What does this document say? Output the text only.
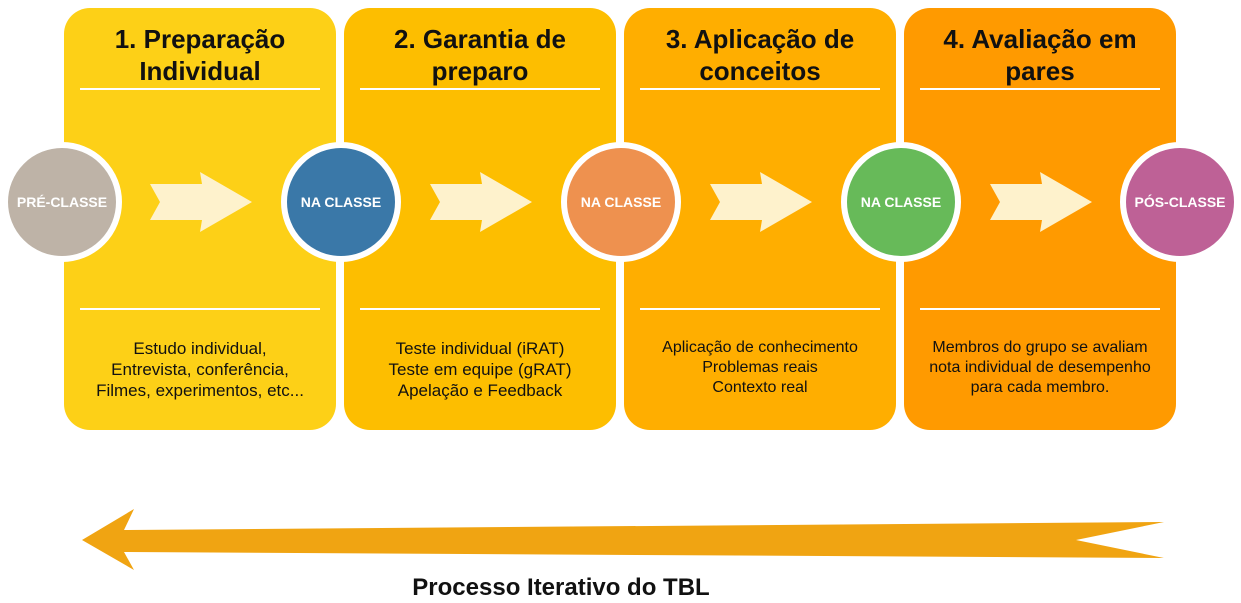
1. Preparação
Individual
Estudo individual,
Entrevista, conferência,
Filmes, experimentos, etc...
2. Garantia de
preparo
Teste individual (iRAT)
Teste em equipe (gRAT)
Apelação e Feedback
3. Aplicação de
conceitos
Aplicação de conhecimento
Problemas reais
Contexto real
4. Avaliação em
pares
Membros do grupo se avaliam
nota individual de desempenho
para cada membro.
PRÉ-CLASSE	NA CLASSE	NA CLASSE	NA CLASSE	PÓS-CLASSE
Processo Iterativo do TBL
